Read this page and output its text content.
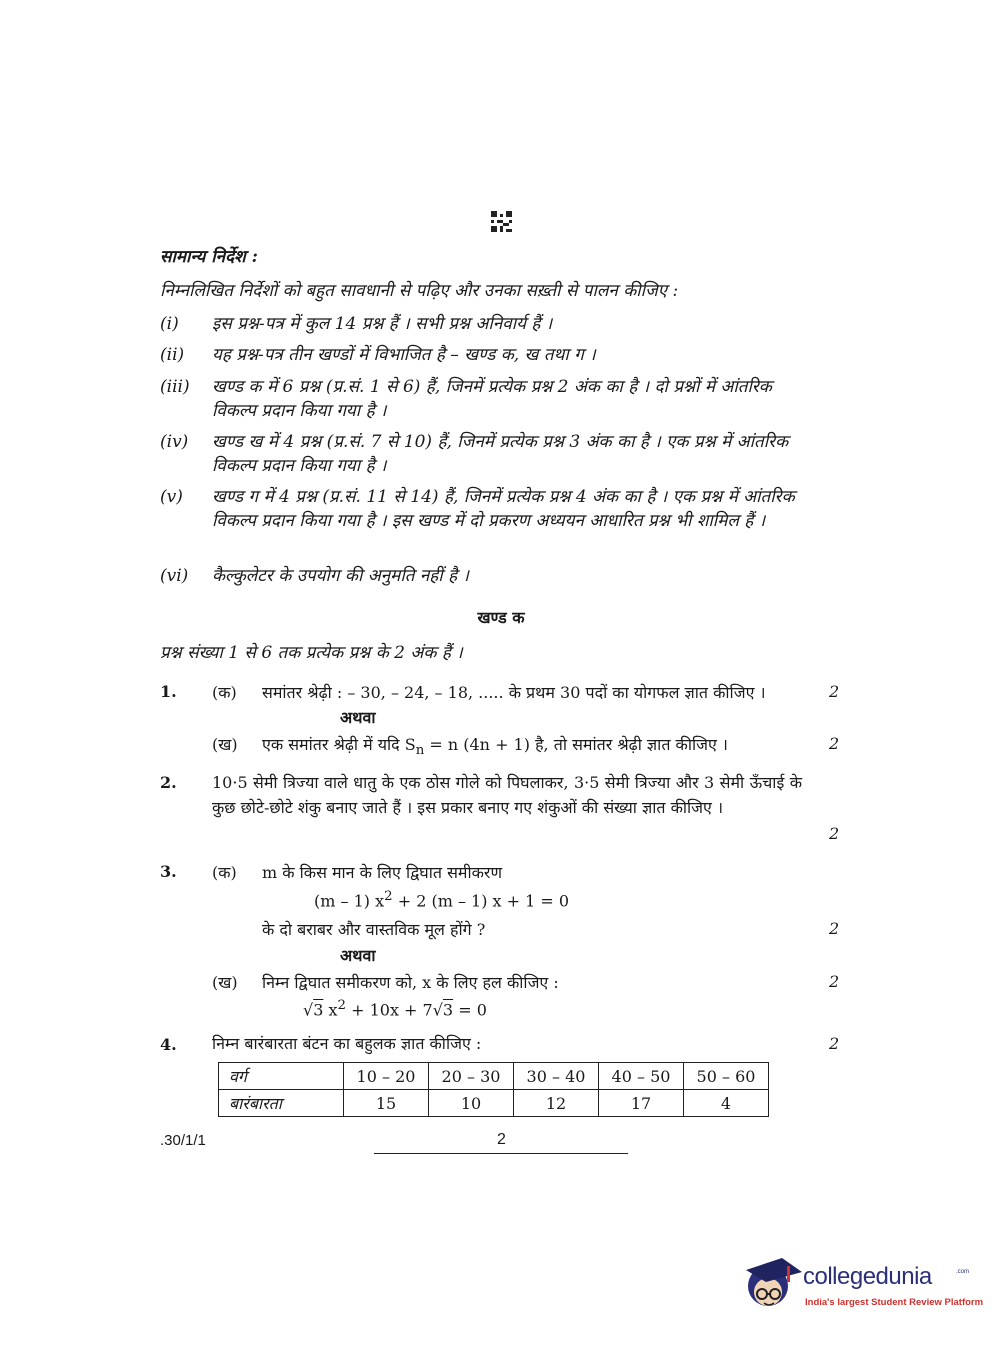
सामान्य निर्देश :
निम्नलिखित निर्देशों को बहुत सावधानी से पढ़िए और उनका सख़्ती से पालन कीजिए :
(i) इस प्रश्न-पत्र में कुल 14 प्रश्न हैं । सभी प्रश्न अनिवार्य हैं ।
(ii) यह प्रश्न-पत्र तीन खण्डों में विभाजित है – खण्ड क, ख तथा ग ।
(iii) खण्ड क में 6 प्रश्न (प्र.सं. 1 से 6) हैं, जिनमें प्रत्येक प्रश्न 2 अंक का है । दो प्रश्नों में आंतरिक विकल्प प्रदान किया गया है ।
(iv) खण्ड ख में 4 प्रश्न (प्र.सं. 7 से 10) हैं, जिनमें प्रत्येक प्रश्न 3 अंक का है । एक प्रश्न में आंतरिक विकल्प प्रदान किया गया है ।
(v) खण्ड ग में 4 प्रश्न (प्र.सं. 11 से 14) हैं, जिनमें प्रत्येक प्रश्न 4 अंक का है । एक प्रश्न में आंतरिक विकल्प प्रदान किया गया है । इस खण्ड में दो प्रकरण अध्ययन आधारित प्रश्न भी शामिल हैं ।
(vi) कैल्कुलेटर के उपयोग की अनुमति नहीं है ।
खण्ड क
प्रश्न संख्या 1 से 6 तक प्रत्येक प्रश्न के 2 अंक हैं ।
1. (क) समांतर श्रेढ़ी : – 30, – 24, – 18, ..... के प्रथम 30 पदों का योगफल ज्ञात कीजिए ।	2
अथवा
(ख) एक समांतर श्रेढ़ी में यदि $S_n = n$ (4n + 1) है, तो समांतर श्रेढ़ी ज्ञात कीजिए ।	2
2. 10·5 सेमी त्रिज्या वाले धातु के एक ठोस गोले को पिघलाकर, 3·5 सेमी त्रिज्या और 3 सेमी ऊँचाई के कुछ छोटे-छोटे शंकु बनाए जाते हैं । इस प्रकार बनाए गए शंकुओं की संख्या ज्ञात कीजिए ।
2
3. (क) m के किस मान के लिए द्विघात समीकरण
(m – 1) $x^2 + 2$ (m – 1) x + 1 = 0
के दो बराबर और वास्तविक मूल होंगे ?	2
अथवा
(ख) निम्न द्विघात समीकरण को, x के लिए हल कीजिए :	2
√3 $x^2 + 10x + 7√3 = 0$
4. निम्न बारंबारता बंटन का बहुलक ज्ञात कीजिए :	2
वर्ग	10 – 20	20 – 30	30 – 40	40 – 50	50 – 60
बारंबारता	15	10	12	17	4
.30/1/1	2
collegedunia	.com
India's largest Student Review Platform
